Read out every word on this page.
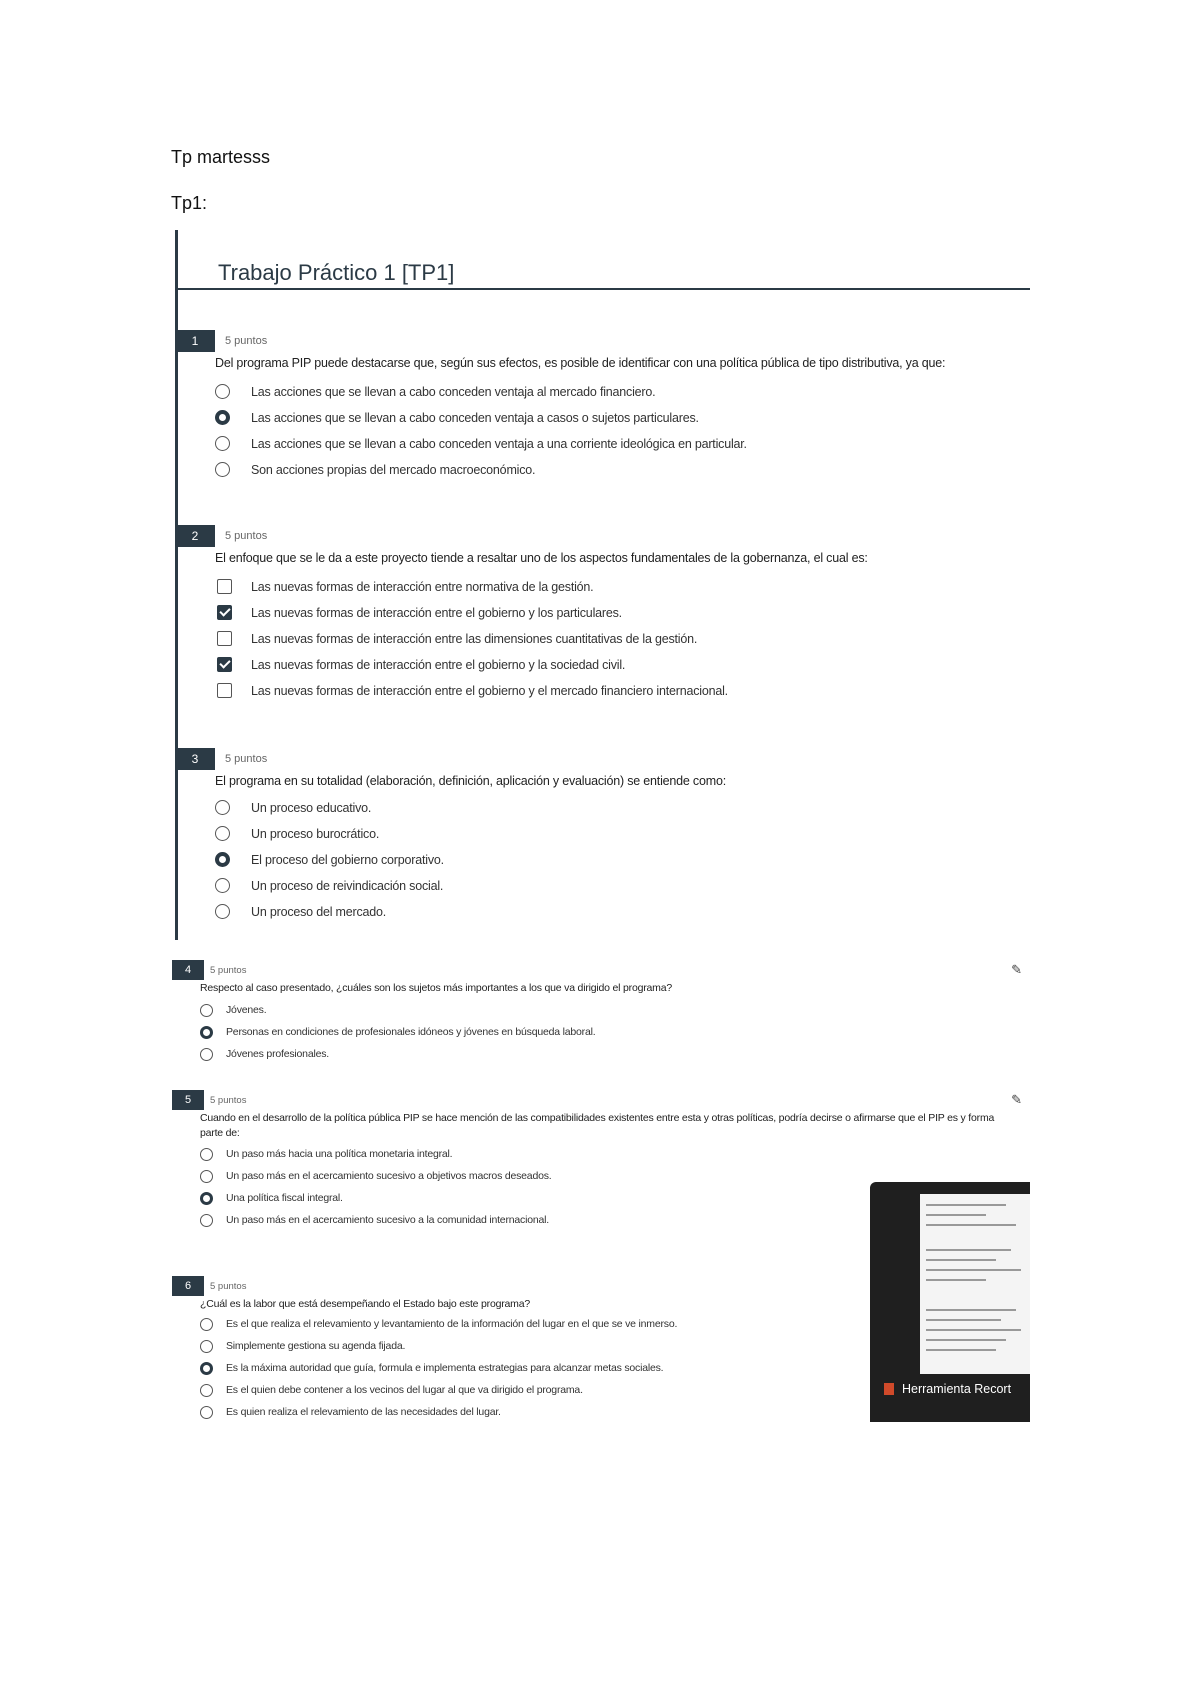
Tp martesss
Tp1:
Trabajo Práctico 1 [TP1]
1	5 puntos
Del programa PIP puede destacarse que, según sus efectos, es posible de identificar con una política pública de tipo distributiva, ya que:
Las acciones que se llevan a cabo conceden ventaja al mercado financiero.
Las acciones que se llevan a cabo conceden ventaja a casos o sujetos particulares.
Las acciones que se llevan a cabo conceden ventaja a una corriente ideológica en particular.
Son acciones propias del mercado macroeconómico.
2	5 puntos
El enfoque que se le da a este proyecto tiende a resaltar uno de los aspectos fundamentales de la gobernanza, el cual es:
Las nuevas formas de interacción entre normativa de la gestión.
Las nuevas formas de interacción entre el gobierno y los particulares.
Las nuevas formas de interacción entre las dimensiones cuantitativas de la gestión.
Las nuevas formas de interacción entre el gobierno y la sociedad civil.
Las nuevas formas de interacción entre el gobierno y el mercado financiero internacional.
3	5 puntos
El programa en su totalidad (elaboración, definición, aplicación y evaluación) se entiende como:
Un proceso educativo.
Un proceso burocrático.
El proceso del gobierno corporativo.
Un proceso de reivindicación social.
Un proceso del mercado.
4	5 puntos	✎
Respecto al caso presentado, ¿cuáles son los sujetos más importantes a los que va dirigido el programa?
Jóvenes.
Personas en condiciones de profesionales idóneos y jóvenes en búsqueda laboral.
Jóvenes profesionales.
5	5 puntos	✎
Cuando en el desarrollo de la política pública PIP se hace mención de las compatibilidades existentes entre esta y otras políticas, podría decirse o afirmarse que el PIP es y forma
parte de:
Un paso más hacia una política monetaria integral.
Un paso más en el acercamiento sucesivo a objetivos macros deseados.
Una política fiscal integral.
Un paso más en el acercamiento sucesivo a la comunidad internacional.
6	5 puntos
¿Cuál es la labor que está desempeñando el Estado bajo este programa?
Es el que realiza el relevamiento y levantamiento de la información del lugar en el que se ve inmerso.
Simplemente gestiona su agenda fijada.
Es la máxima autoridad que guía, formula e implementa estrategias para alcanzar metas sociales.
Es el quien debe contener a los vecinos del lugar al que va dirigido el programa.
Es quien realiza el relevamiento de las necesidades del lugar.
Herramienta Recort
